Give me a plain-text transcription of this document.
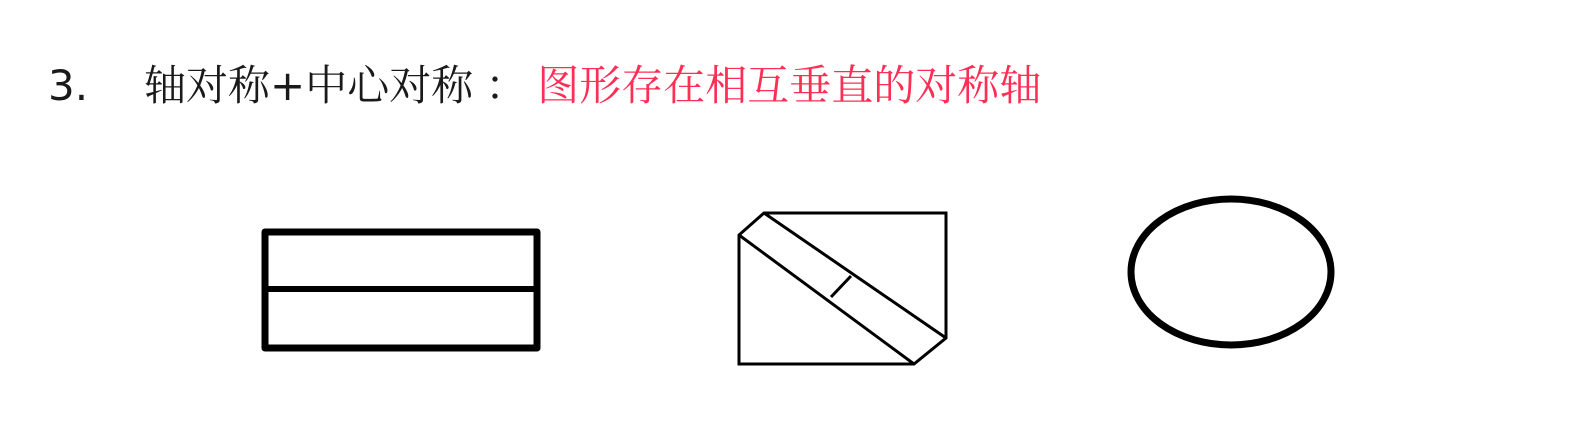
3.	轴对称+中心对称 ： 图形存在相互垂直的对称轴
